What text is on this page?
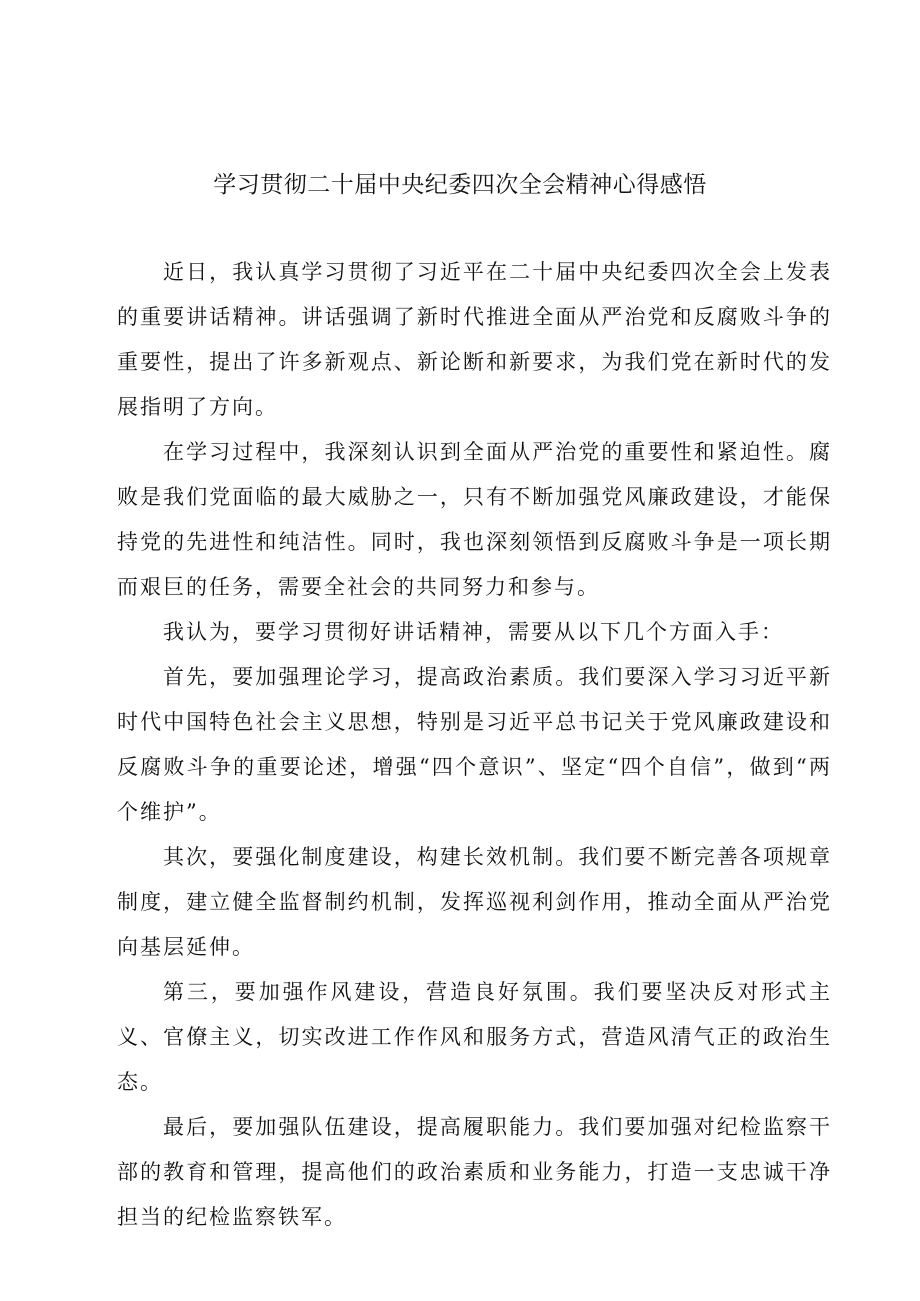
学习贯彻二十届中央纪委四次全会精神心得感悟

近日，我认真学习贯彻了习近平在二十届中央纪委四次全会上发表的重要讲话精神。讲话强调了新时代推进全面从严治党和反腐败斗争的重要性，提出了许多新观点、新论断和新要求，为我们党在新时代的发展指明了方向。

在学习过程中，我深刻认识到全面从严治党的重要性和紧迫性。腐败是我们党面临的最大威胁之一，只有不断加强党风廉政建设，才能保持党的先进性和纯洁性。同时，我也深刻领悟到反腐败斗争是一项长期而艰巨的任务，需要全社会的共同努力和参与。

我认为，要学习贯彻好讲话精神，需要从以下几个方面入手：

首先，要加强理论学习，提高政治素质。我们要深入学习习近平新时代中国特色社会主义思想，特别是习近平总书记关于党风廉政建设和反腐败斗争的重要论述，增强“四个意识”、坚定“四个自信”，做到“两个维护”。

其次，要强化制度建设，构建长效机制。我们要不断完善各项规章制度，建立健全监督制约机制，发挥巡视利剑作用，推动全面从严治党向基层延伸。

第三，要加强作风建设，营造良好氛围。我们要坚决反对形式主义、官僚主义，切实改进工作作风和服务方式，营造风清气正的政治生态。

最后，要加强队伍建设，提高履职能力。我们要加强对纪检监察干部的教育和管理，提高他们的政治素质和业务能力，打造一支忠诚干净担当的纪检监察铁军。
